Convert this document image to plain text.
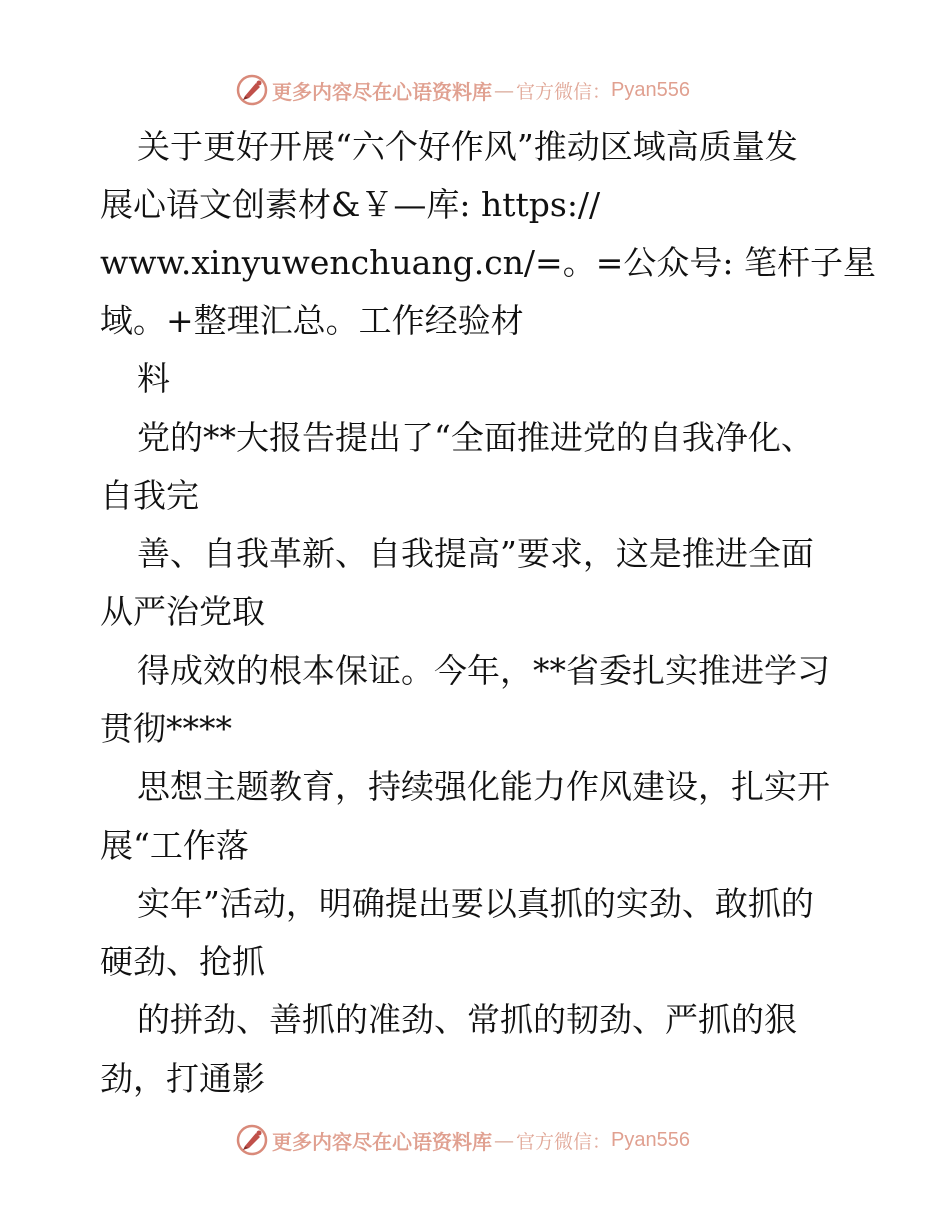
更多内容尽在心语资料库 — 官方微信： Pyan556
关于更好开展“六个好作风”推动区域高质量发
展心语文创素材&￥—库: https://
www.xinyuwenchuang.cn/=。=公众号: 笔杆子星
域。+整理汇总。工作经验材
料
党的**大报告提出了“全面推进党的自我净化、
自我完
善、自我革新、自我提高”要求，这是推进全面
从严治党取
得成效的根本保证。今年，**省委扎实推进学习
贯彻****
思想主题教育，持续强化能力作风建设，扎实开
展“工作落
实年”活动，明确提出要以真抓的实劲、敢抓的
硬劲、抢抓
的拼劲、善抓的准劲、常抓的韧劲、严抓的狠
劲，打通影
更多内容尽在心语资料库 — 官方微信： Pyan556
